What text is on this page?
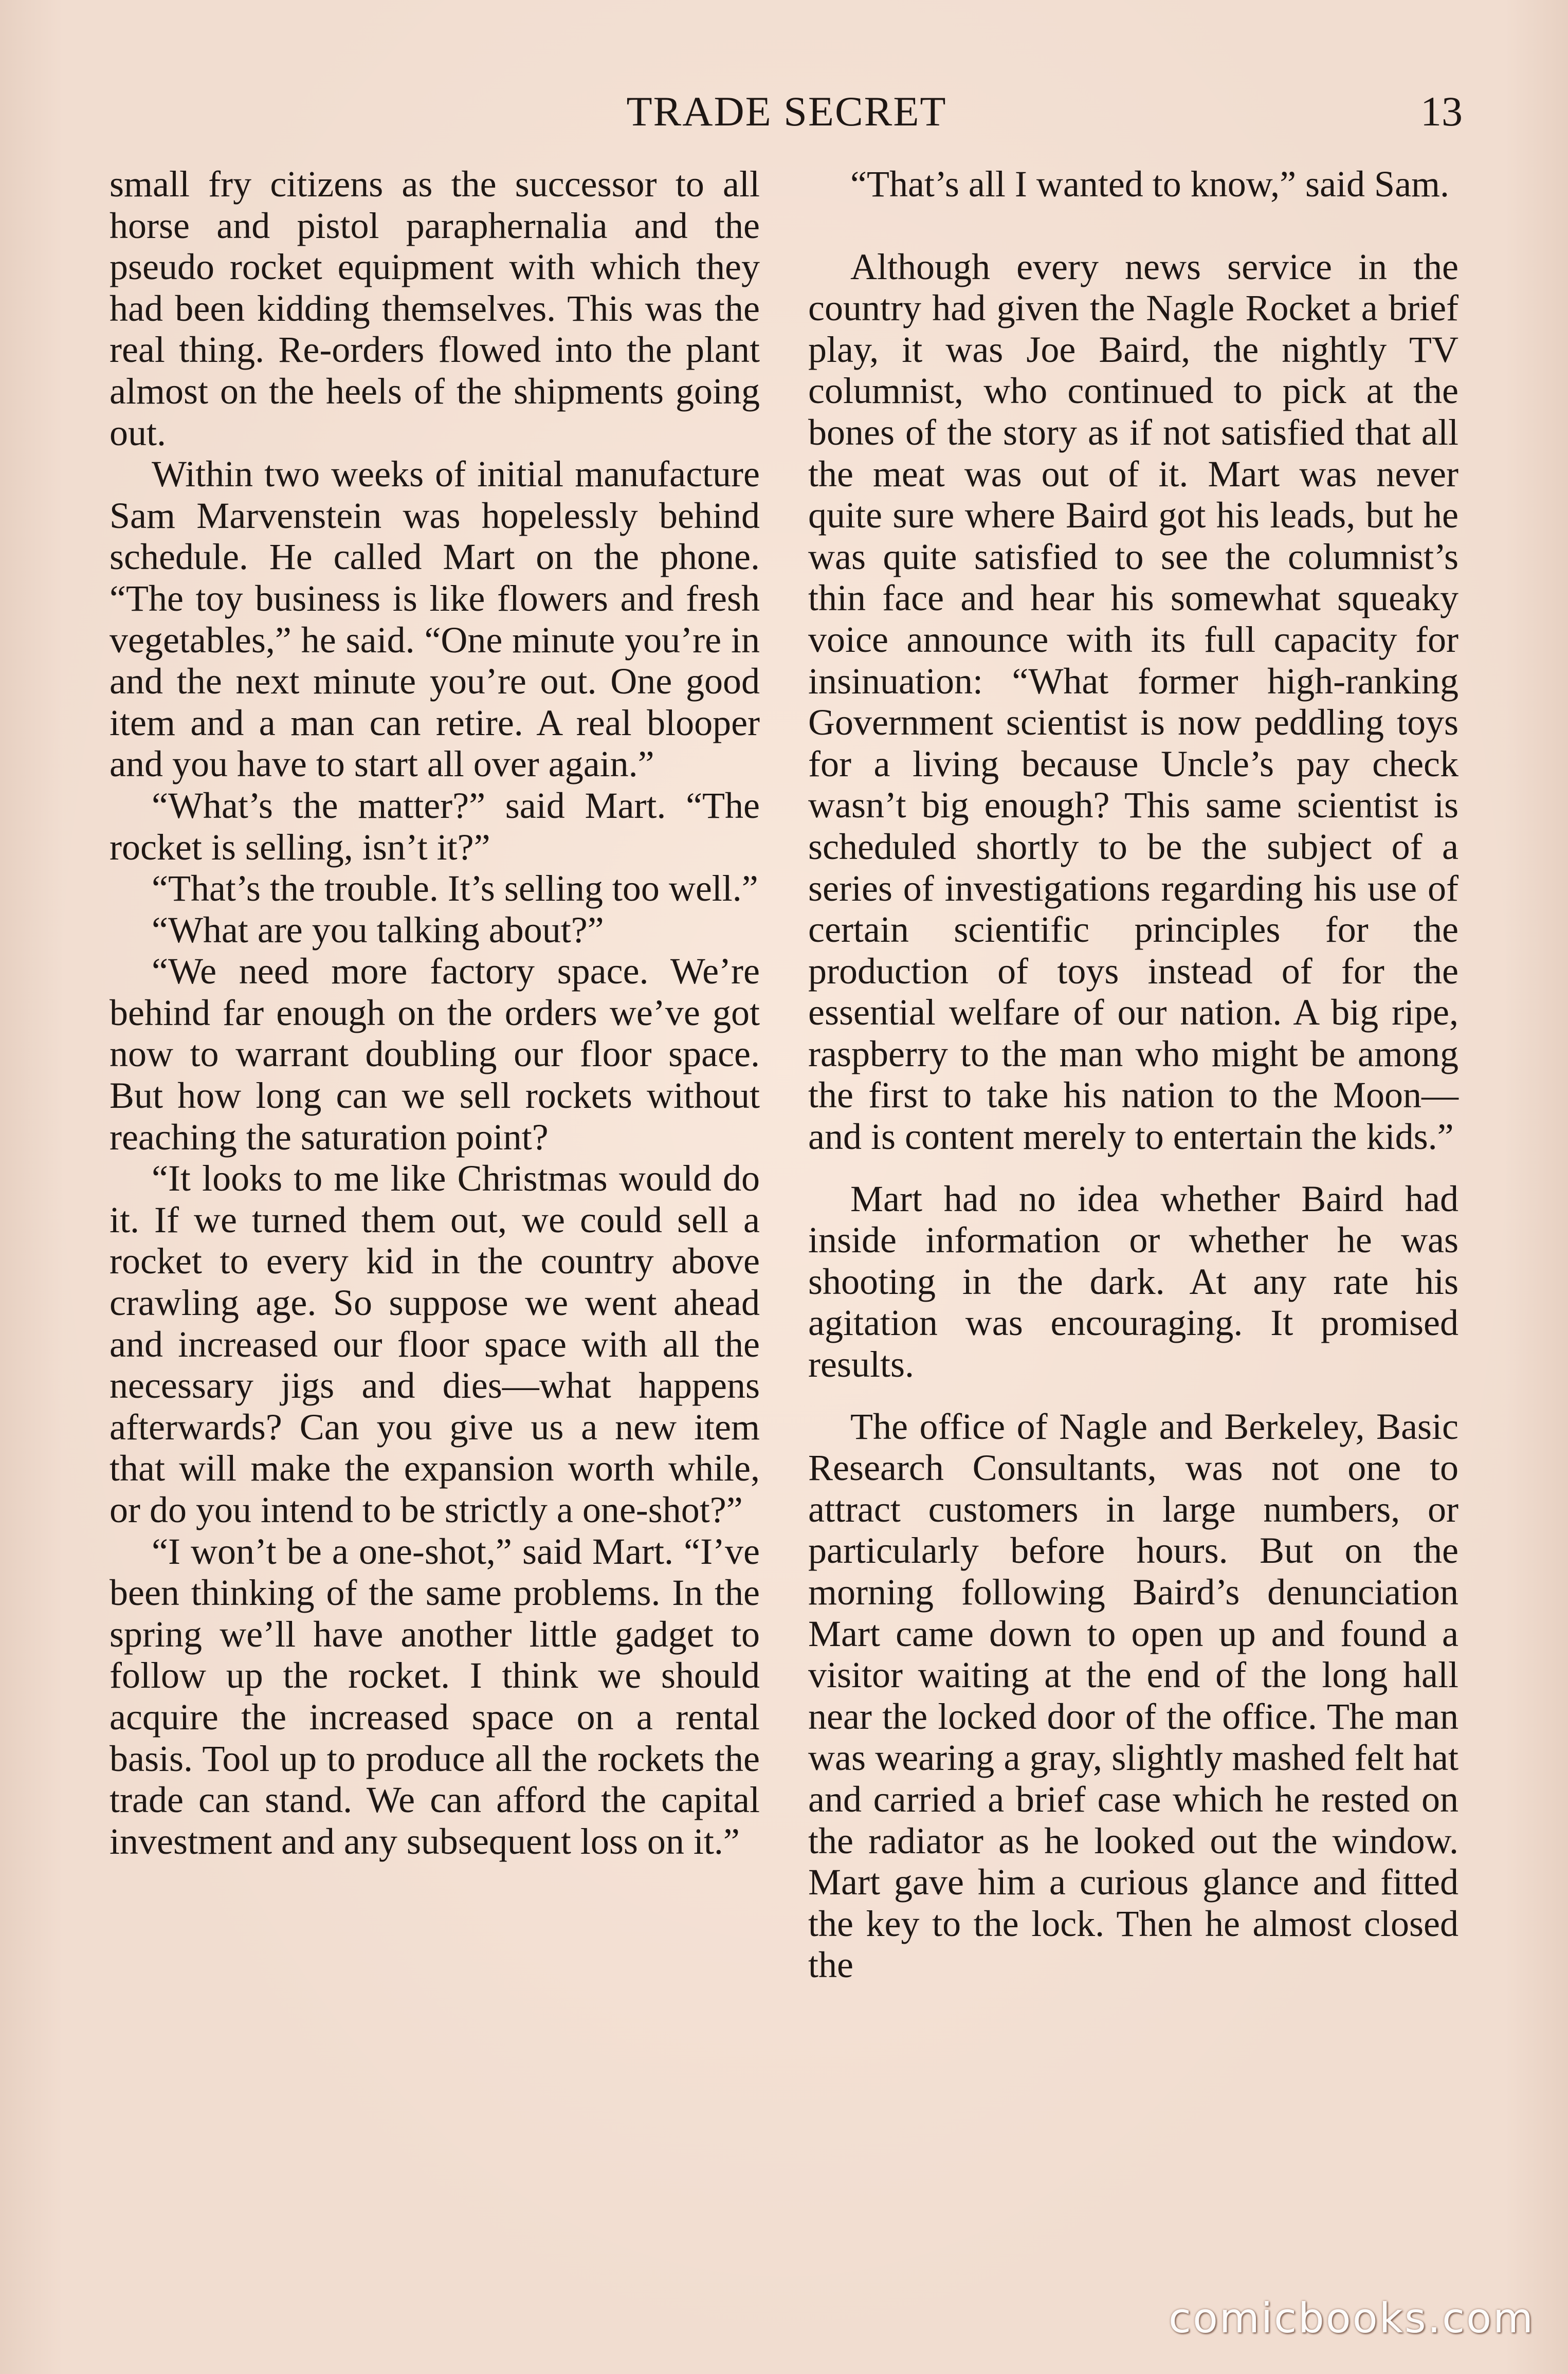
TRADE SECRET	13

small fry citizens as the successor to all horse and pistol paraphernalia and the pseudo rocket equipment with which they had been kidding themselves. This was the real thing. Re-orders flowed into the plant almost on the heels of the shipments going out.

Within two weeks of initial manufacture Sam Marvenstein was hopelessly behind schedule. He called Mart on the phone. “The toy business is like flowers and fresh vegetables,” he said. “One minute you’re in and the next minute you’re out. One good item and a man can retire. A real blooper and you have to start all over again.”

“What’s the matter?” said Mart. “The rocket is selling, isn’t it?”

“That’s the trouble. It’s selling too well.”

“What are you talking about?”

“We need more factory space. We’re behind far enough on the orders we’ve got now to warrant doubling our floor space. But how long can we sell rockets without reaching the saturation point?

“It looks to me like Christmas would do it. If we turned them out, we could sell a rocket to every kid in the country above crawling age. So suppose we went ahead and increased our floor space with all the necessary jigs and dies—what happens afterwards? Can you give us a new item that will make the expansion worth while, or do you intend to be strictly a one-shot?”

“I won’t be a one-shot,” said Mart. “I’ve been thinking of the same problems. In the spring we’ll have another little gadget to follow up the rocket. I think we should acquire the increased space on a rental basis. Tool up to produce all the rockets the trade can stand. We can afford the capital investment and any subsequent loss on it.”

“That’s all I wanted to know,” said Sam.

Although every news service in the country had given the Nagle Rocket a brief play, it was Joe Baird, the nightly TV columnist, who continued to pick at the bones of the story as if not satisfied that all the meat was out of it. Mart was never quite sure where Baird got his leads, but he was quite satisfied to see the columnist’s thin face and hear his somewhat squeaky voice announce with its full capacity for insinuation: “What former high-ranking Government scientist is now peddling toys for a living because Uncle’s pay check wasn’t big enough? This same scientist is scheduled shortly to be the subject of a series of investigations regarding his use of certain scientific principles for the production of toys instead of for the essential welfare of our nation. A big ripe, raspberry to the man who might be among the first to take his nation to the Moon—and is content merely to entertain the kids.”

Mart had no idea whether Baird had inside information or whether he was shooting in the dark. At any rate his agitation was encouraging. It promised results.

The office of Nagle and Berkeley, Basic Research Consultants, was not one to attract customers in large numbers, or particularly before hours. But on the morning following Baird’s denunciation Mart came down to open up and found a visitor waiting at the end of the long hall near the locked door of the office. The man was wearing a gray, slightly mashed felt hat and carried a brief case which he rested on the radiator as he looked out the window. Mart gave him a curious glance and fitted the key to the lock. Then he almost closed the

comicbooks.com
